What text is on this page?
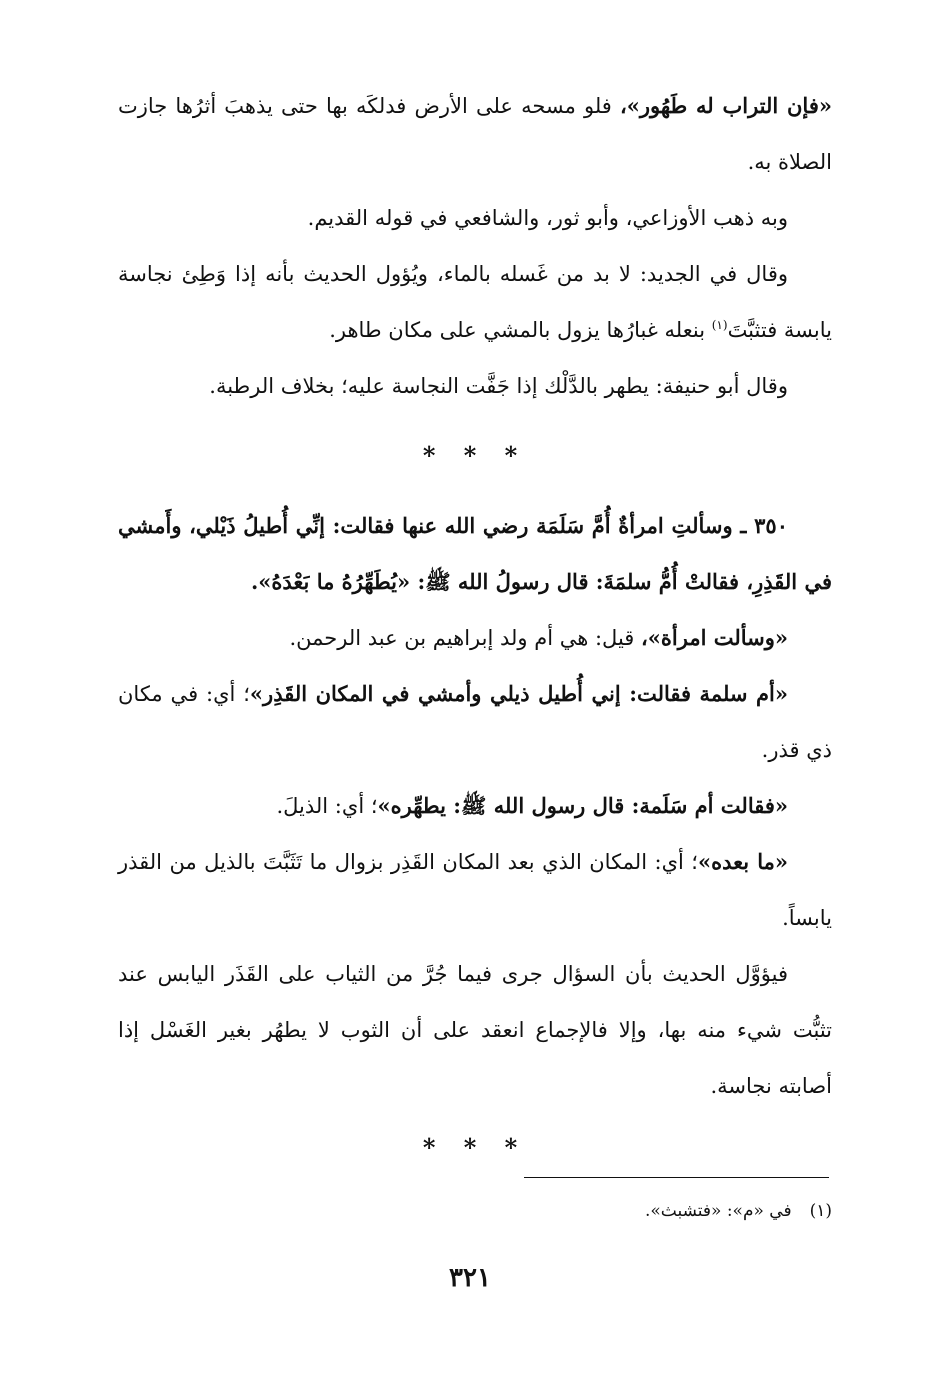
«فإن التراب له طَهُور»، فلو مسحه على الأرض فدلكَه بها حتى يذهبَ أثرُها جازت الصلاة به.

وبه ذهب الأوزاعي، وأبو ثور، والشافعي في قوله القديم.

وقال في الجديد: لا بد من غَسله بالماء، ويُؤول الحديث بأنه إذا وَطِئ نجاسة يابسة فتثبَّتَ$^{(١)}$ بنعله غبارُها يزول بالمشي على مكان طاهر.

وقال أبو حنيفة: يطهر بالدَّلْك إذا جَفَّت النجاسة عليه؛ بخلاف الرطبة.

* * *

٣٥٠ ـ وسألتِ امرأةٌ أُمَّ سَلَمَة رضي الله عنها فقالت: إنِّي أُطيلُ ذَيْلي، وأَمشي في القَذِرِ، فقالتْ أُمُّ سلمَةَ: قال رسولُ الله ﷺ: «يُطَهِّرُهُ ما بَعْدَهُ».

«وسألت امرأة»، قيل: هي أم ولد إبراهيم بن عبد الرحمن.

«أم سلمة فقالت: إني أُطيل ذيلي وأمشي في المكان القَذِر»؛ أي: في مكان ذي قذر.

«فقالت أم سَلَمة: قال رسول الله ﷺ: يطهِّره»؛ أي: الذيلَ.

«ما بعده»؛ أي: المكان الذي بعد المكان القَذِر بزوال ما تَثَبَّتَ بالذيل من القذر يابساً.

فيؤوَّل الحديث بأن السؤال جرى فيما جُرَّ من الثياب على القَذَر اليابس عند تثبُّت شيء منه بها، وإلا فالإجماع انعقد على أن الثوب لا يطهُر بغير الغَسْل إذا أصابته نجاسة.

* * *
(١)في «م»: «فتشبث».
٣٢١
